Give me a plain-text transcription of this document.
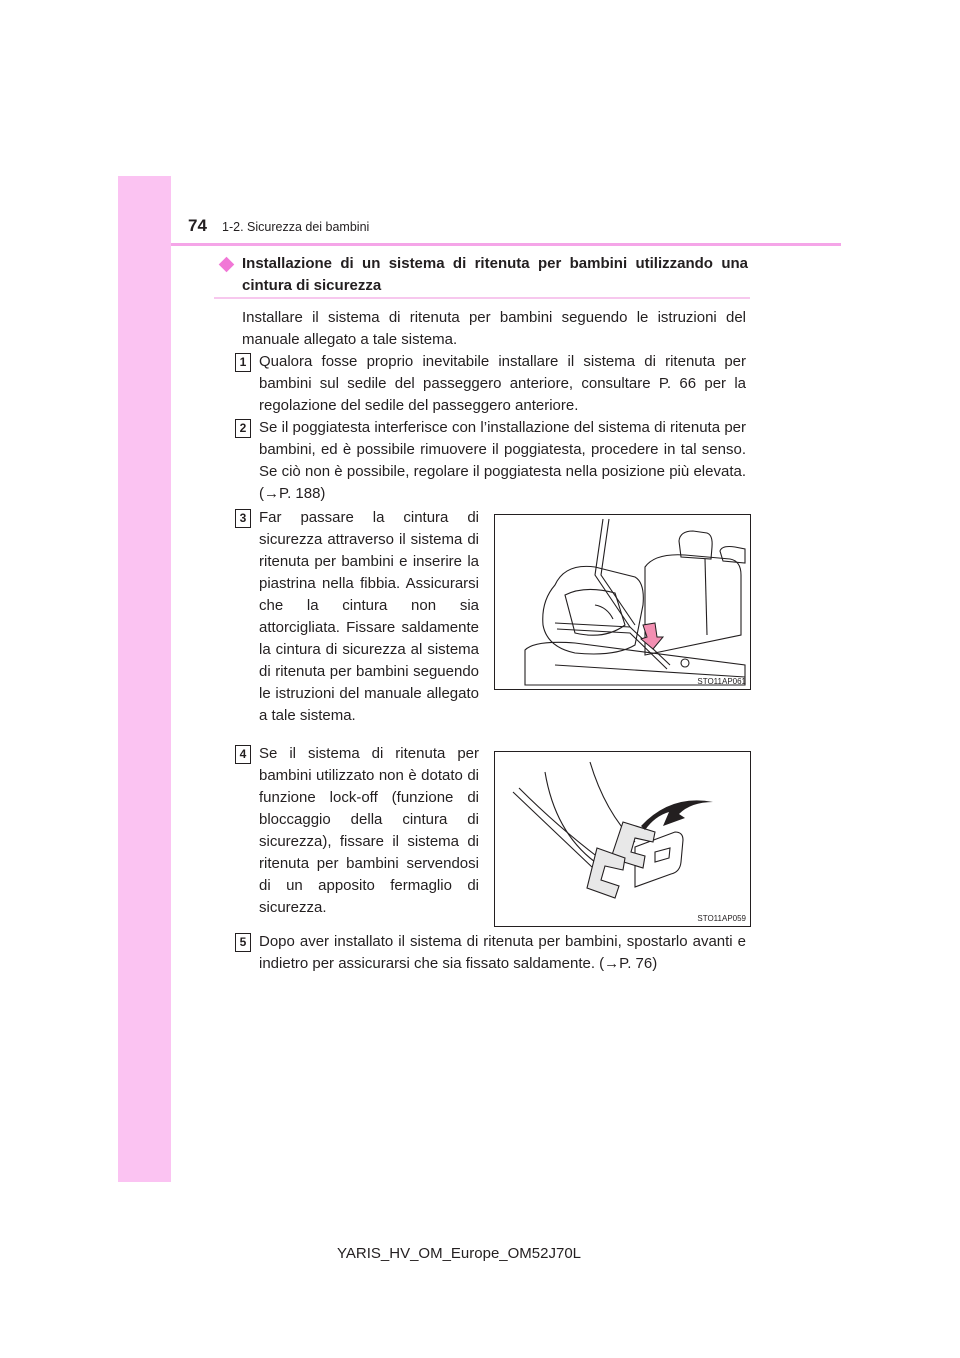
74 1-2. Sicurezza dei bambini
Installazione di un sistema di ritenuta per bambini utilizzando una cintura di sicurezza
Installare il sistema di ritenuta per bambini seguendo le istruzioni del manuale allegato a tale sistema.
1 Qualora fosse proprio inevitabile installare il sistema di ritenuta per bambini sul sedile del passeggero anteriore, consultare P. 66 per la regolazione del sedile del passeggero anteriore.
2 Se il poggiatesta interferisce con l’installazione del sistema di ritenuta per bambini, ed è possibile rimuovere il poggiatesta, procedere in tal senso. Se ciò non è possibile, regolare il poggiatesta nella posizione più elevata. (→P. 188)
3 Far passare la cintura di sicurezza attraverso il sistema di ritenuta per bambini e inserire la piastrina nella fibbia. Assicurarsi che la cintura non sia attorcigliata. Fissare saldamente la cintura di sicurezza al sistema di ritenuta per bambini seguendo le istruzioni del manuale allegato a tale sistema.
4 Se il sistema di ritenuta per bambini utilizzato non è dotato di funzione lock-off (funzione di bloccaggio della cintura di sicurezza), fissare il sistema di ritenuta per bambini servendosi di un apposito fermaglio di sicurezza.
5 Dopo aver installato il sistema di ritenuta per bambini, spostarlo avanti e indietro per assicurarsi che sia fissato saldamente. (→P. 76)
STO11AP061
STO11AP059
YARIS_HV_OM_Europe_OM52J70L
